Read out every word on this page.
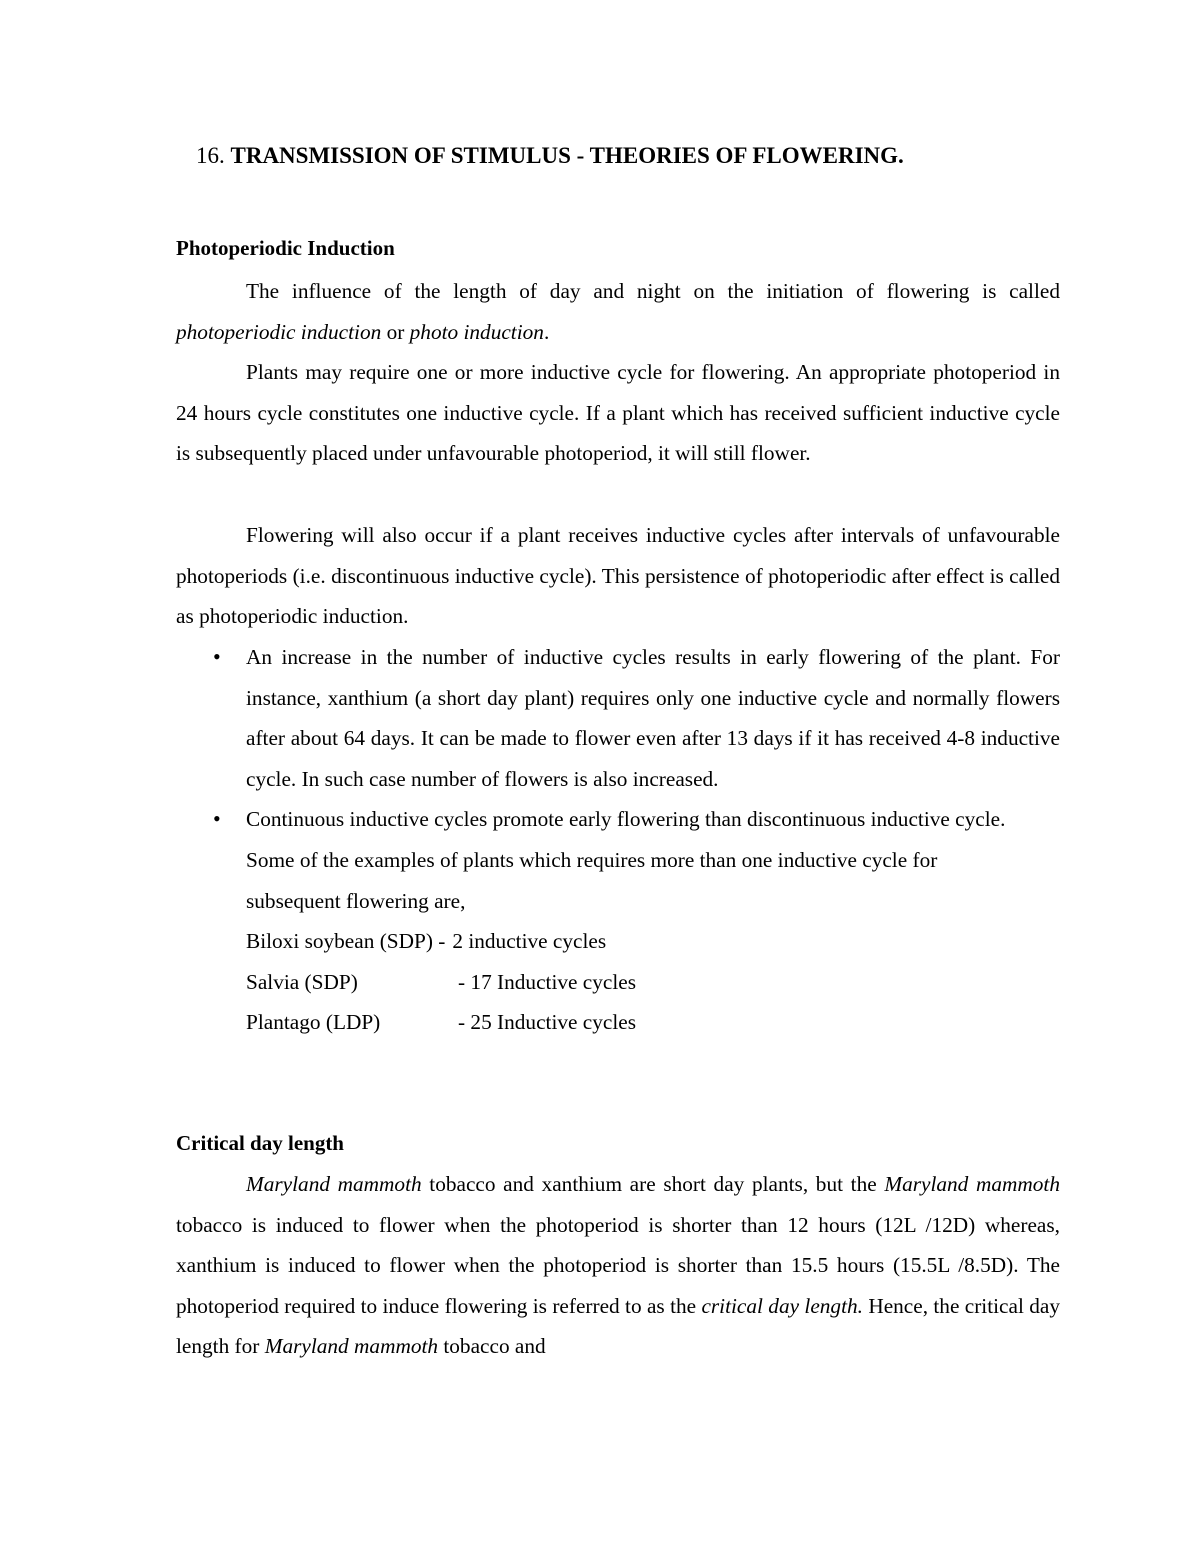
16. TRANSMISSION OF STIMULUS - THEORIES OF FLOWERING.
Photoperiodic Induction

The influence of the length of day and night on the initiation of flowering is called photoperiodic induction or photo induction.

Plants may require one or more inductive cycle for flowering. An appropriate photoperiod in 24 hours cycle constitutes one inductive cycle. If a plant which has received sufficient inductive cycle is subsequently placed under unfavourable photoperiod, it will still flower.

Flowering will also occur if a plant receives inductive cycles after intervals of unfavourable photoperiods (i.e. discontinuous inductive cycle). This persistence of photoperiodic after effect is called as photoperiodic induction.

• An increase in the number of inductive cycles results in early flowering of the plant. For instance, xanthium (a short day plant) requires only one inductive cycle and normally flowers after about 64 days. It can be made to flower even after 13 days if it has received 4-8 inductive cycle. In such case number of flowers is also increased.
• Continuous inductive cycles promote early flowering than discontinuous inductive cycle.
Some of the examples of plants which requires more than one inductive cycle for
subsequent flowering are,
Biloxi soybean (SDP) - 2 inductive cycles
Salvia (SDP)	- 17 Inductive cycles
Plantago (LDP)	- 25 Inductive cycles
Critical day length

Maryland mammoth tobacco and xanthium are short day plants, but the Maryland mammoth tobacco is induced to flower when the photoperiod is shorter than 12 hours (12L /12D) whereas, xanthium is induced to flower when the photoperiod is shorter than 15.5 hours (15.5L /8.5D). The photoperiod required to induce flowering is referred to as the critical day length. Hence, the critical day length for Maryland mammoth tobacco and
